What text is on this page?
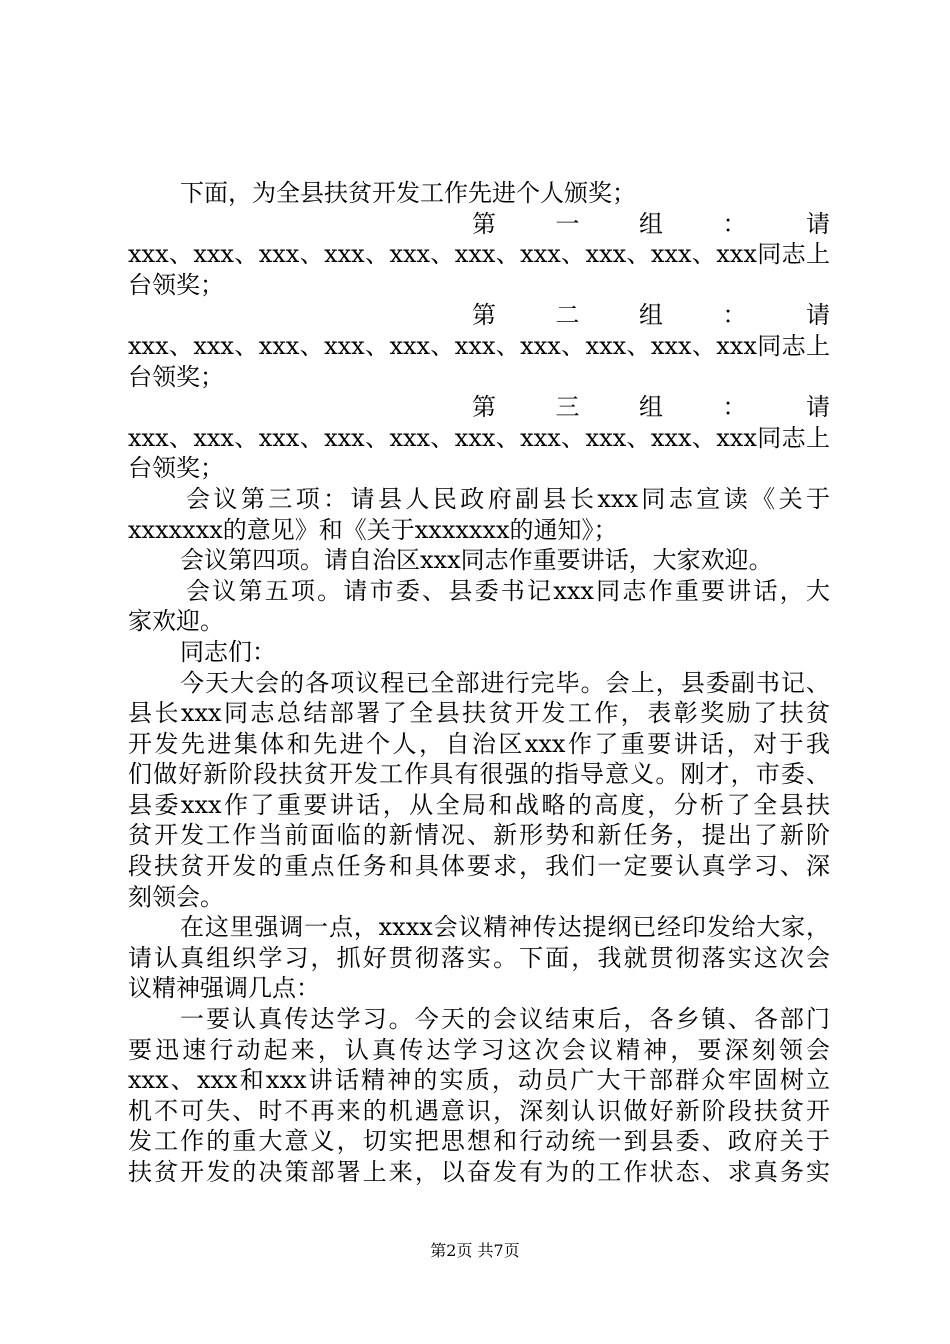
下面，为全县扶贫开发工作先进个人颁奖；
第 一 组 ： 请
xxx、xxx、xxx、xxx、xxx、xxx、xxx、xxx、xxx、xxx同志上
台领奖；
第 二 组 ： 请
xxx、xxx、xxx、xxx、xxx、xxx、xxx、xxx、xxx、xxx同志上
台领奖；
第 三 组 ： 请
xxx、xxx、xxx、xxx、xxx、xxx、xxx、xxx、xxx、xxx同志上
台领奖；
会议第三项：请县人民政府副县长xxx同志宣读《关于
xxxxxxx的意见》和《关于xxxxxxx的通知》；
会议第四项。请自治区xxx同志作重要讲话，大家欢迎。
会议第五项。请市委、县委书记xxx同志作重要讲话，大
家欢迎。
同志们：
今天大会的各项议程已全部进行完毕。会上，县委副书记、
县长xxx同志总结部署了全县扶贫开发工作，表彰奖励了扶贫
开发先进集体和先进个人，自治区xxx作了重要讲话，对于我
们做好新阶段扶贫开发工作具有很强的指导意义。刚才，市委、
县委xxx作了重要讲话，从全局和战略的高度，分析了全县扶
贫开发工作当前面临的新情况、新形势和新任务，提出了新阶
段扶贫开发的重点任务和具体要求，我们一定要认真学习、深
刻领会。
在这里强调一点，xxxx会议精神传达提纲已经印发给大家，
请认真组织学习，抓好贯彻落实。下面，我就贯彻落实这次会
议精神强调几点：
一要认真传达学习。今天的会议结束后，各乡镇、各部门
要迅速行动起来，认真传达学习这次会议精神，要深刻领会
xxx、xxx和xxx讲话精神的实质，动员广大干部群众牢固树立
机不可失、时不再来的机遇意识，深刻认识做好新阶段扶贫开
发工作的重大意义，切实把思想和行动统一到县委、政府关于
扶贫开发的决策部署上来，以奋发有为的工作状态、求真务实
第2页 共7页
